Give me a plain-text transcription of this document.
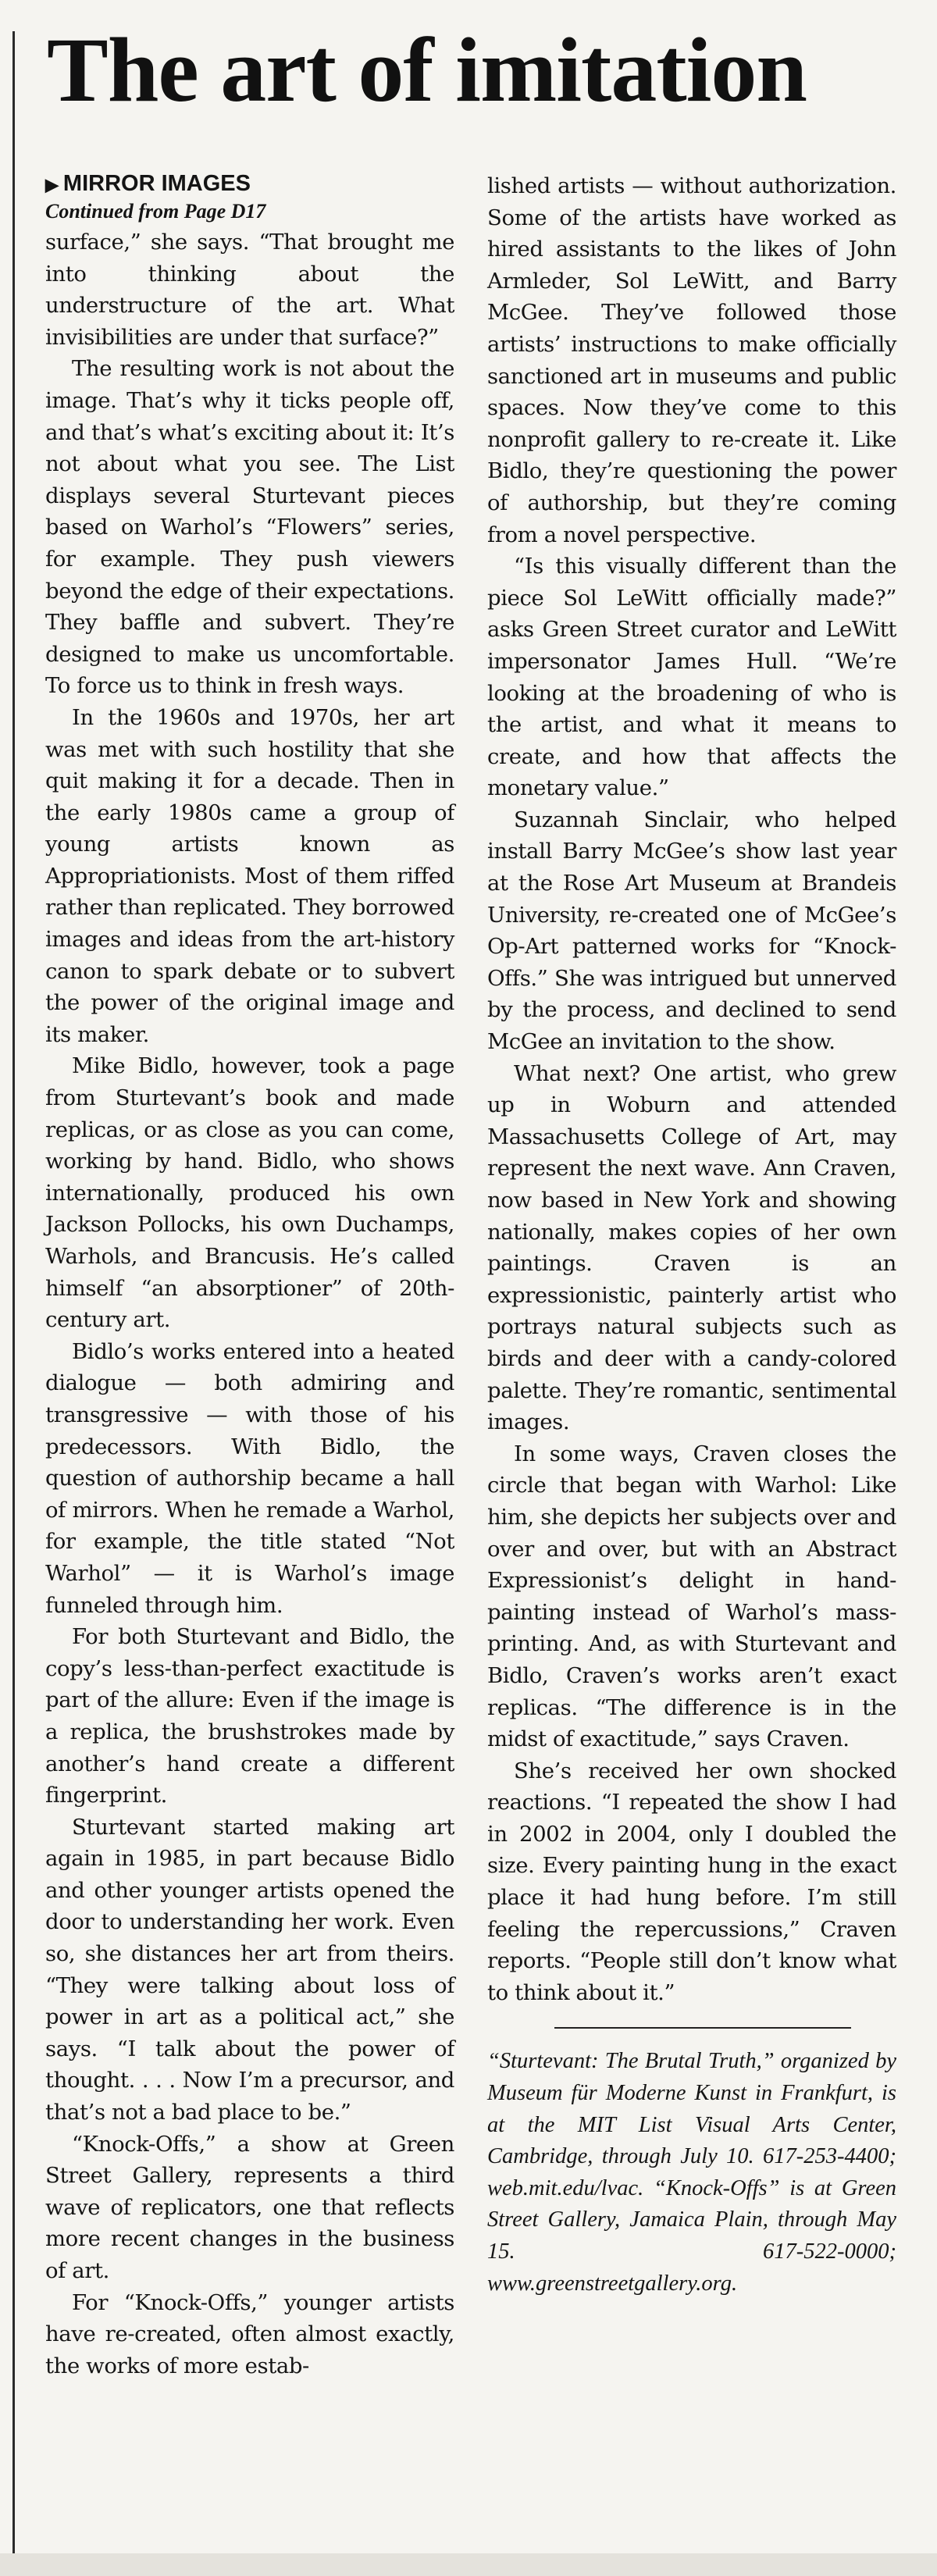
The art of imitation

▶ MIRROR IMAGES

Continued from Page D17

surface,” she says. “That brought me into thinking about the understructure of the art. What invisibilities are under that surface?”

The resulting work is not about the image. That’s why it ticks people off, and that’s what’s exciting about it: It’s not about what you see. The List displays several Sturtevant pieces based on Warhol’s “Flowers” series, for example. They push viewers beyond the edge of their expectations. They baffle and subvert. They’re designed to make us uncomfortable. To force us to think in fresh ways.

In the 1960s and 1970s, her art was met with such hostility that she quit making it for a decade. Then in the early 1980s came a group of young artists known as Appropriationists. Most of them riffed rather than replicated. They borrowed images and ideas from the art-history canon to spark debate or to subvert the power of the original image and its maker.

Mike Bidlo, however, took a page from Sturtevant’s book and made replicas, or as close as you can come, working by hand. Bidlo, who shows internationally, produced his own Jackson Pollocks, his own Duchamps, Warhols, and Brancusis. He’s called himself “an absorptioner” of 20th-century art.

Bidlo’s works entered into a heated dialogue — both admiring and transgressive — with those of his predecessors. With Bidlo, the question of authorship became a hall of mirrors. When he remade a Warhol, for example, the title stated “Not Warhol” — it is Warhol’s image funneled through him.

For both Sturtevant and Bidlo, the copy’s less-than-perfect exactitude is part of the allure: Even if the image is a replica, the brushstrokes made by another’s hand create a different fingerprint.

Sturtevant started making art again in 1985, in part because Bidlo and other younger artists opened the door to understanding her work. Even so, she distances her art from theirs. “They were talking about loss of power in art as a political act,” she says. “I talk about the power of thought. . . . Now I’m a precursor, and that’s not a bad place to be.”

“Knock-Offs,” a show at Green Street Gallery, represents a third wave of replicators, one that reflects more recent changes in the business of art.

For “Knock-Offs,” younger artists have re-created, often almost exactly, the works of more estab-

lished artists — without authorization. Some of the artists have worked as hired assistants to the likes of John Armleder, Sol LeWitt, and Barry McGee. They’ve followed those artists’ instructions to make officially sanctioned art in museums and public spaces. Now they’ve come to this nonprofit gallery to re-create it. Like Bidlo, they’re questioning the power of authorship, but they’re coming from a novel perspective.

“Is this visually different than the piece Sol LeWitt officially made?” asks Green Street curator and LeWitt impersonator James Hull. “We’re looking at the broadening of who is the artist, and what it means to create, and how that affects the monetary value.”

Suzannah Sinclair, who helped install Barry McGee’s show last year at the Rose Art Museum at Brandeis University, re-created one of McGee’s Op-Art patterned works for “Knock-Offs.” She was intrigued but unnerved by the process, and declined to send McGee an invitation to the show.

What next? One artist, who grew up in Woburn and attended Massachusetts College of Art, may represent the next wave. Ann Craven, now based in New York and showing nationally, makes copies of her own paintings. Craven is an expressionistic, painterly artist who portrays natural subjects such as birds and deer with a candy-colored palette. They’re romantic, sentimental images.

In some ways, Craven closes the circle that began with Warhol: Like him, she depicts her subjects over and over and over, but with an Abstract Expressionist’s delight in hand-painting instead of Warhol’s mass-printing. And, as with Sturtevant and Bidlo, Craven’s works aren’t exact replicas. “The difference is in the midst of exactitude,” says Craven.

She’s received her own shocked reactions. “I repeated the show I had in 2002 in 2004, only I doubled the size. Every painting hung in the exact place it had hung before. I’m still feeling the repercussions,” Craven reports. “People still don’t know what to think about it.”

“Sturtevant: The Brutal Truth,” organized by Museum für Moderne Kunst in Frankfurt, is at the MIT List Visual Arts Center, Cambridge, through July 10. 617-253-4400; web.mit.edu/lvac. “Knock-Offs” is at Green Street Gallery, Jamaica Plain, through May 15. 617-522-0000; www.greenstreetgallery.org.
